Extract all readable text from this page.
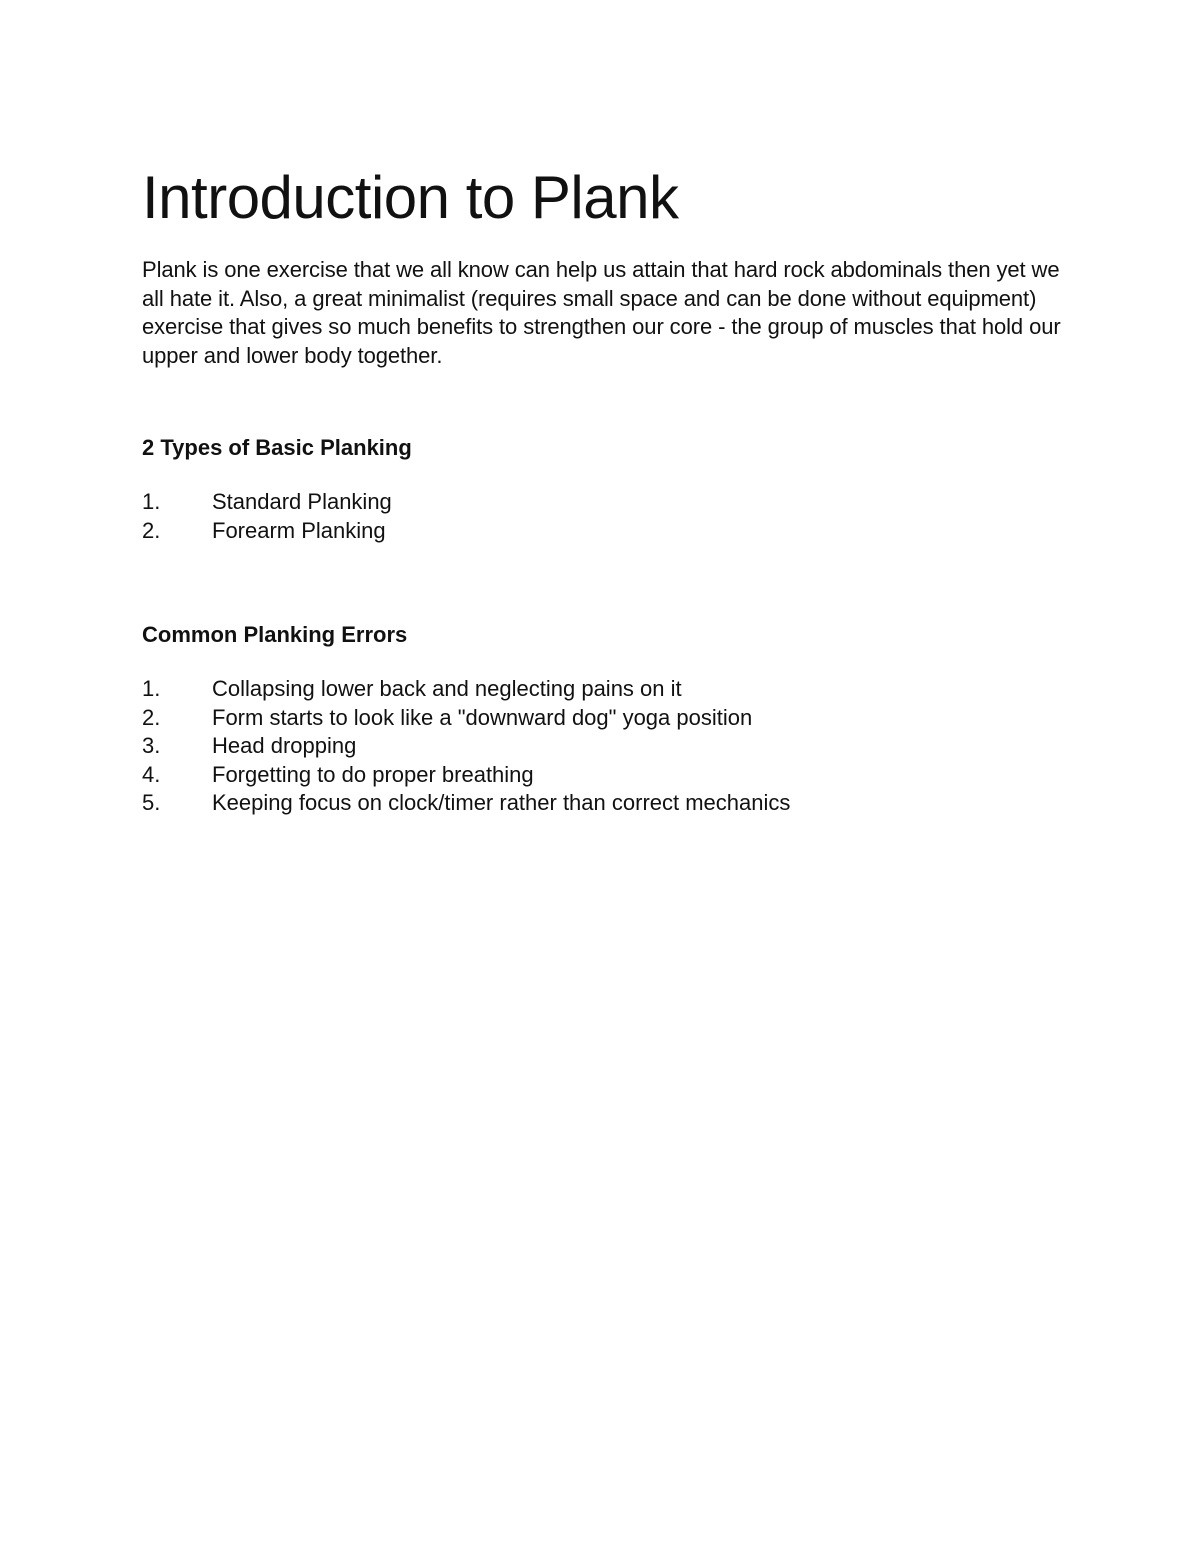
Introduction to Plank

Plank is one exercise that we all know can help us attain that hard rock abdominals then yet we all hate it. Also, a great minimalist (requires small space and can be done without equipment) exercise that gives so much benefits to strengthen our core - the group of muscles that hold our upper and lower body together.

2 Types of Basic Planking
1.	Standard Planking
2.	Forearm Planking
Common Planking Errors
1.	Collapsing lower back and neglecting pains on it
2.	Form starts to look like a "downward dog" yoga position
3.	Head dropping
4.	Forgetting to do proper breathing
5.	Keeping focus on clock/timer rather than correct mechanics
